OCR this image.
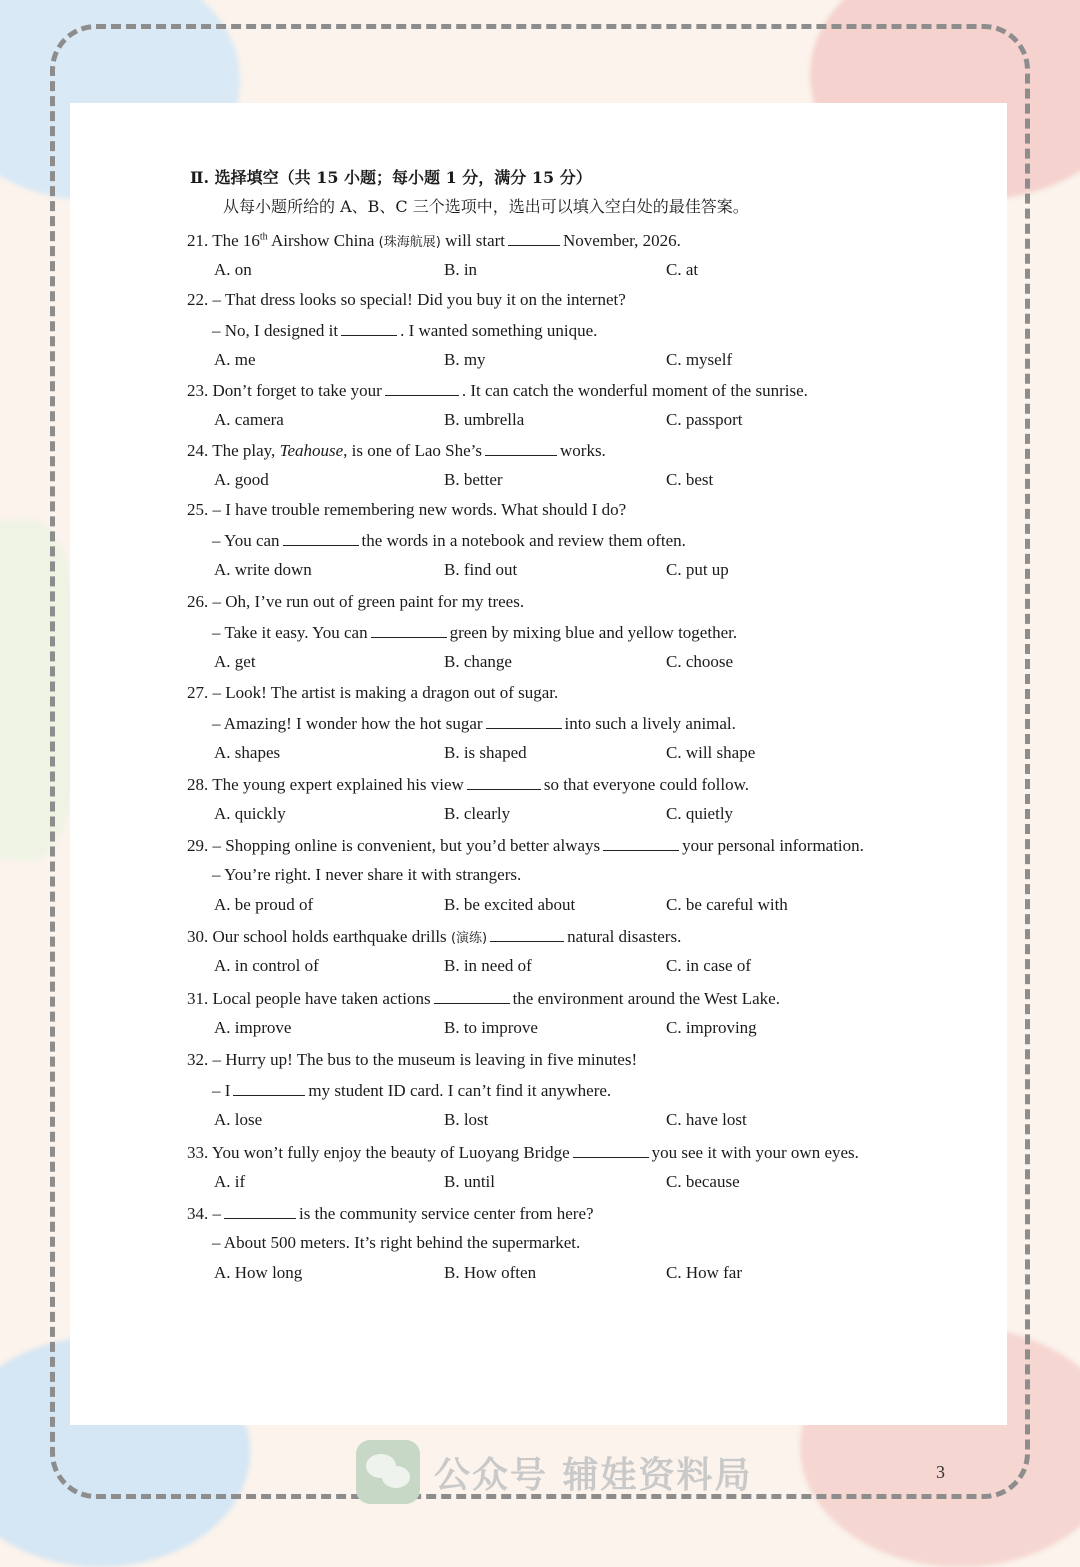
Ⅱ. 选择填空（共 15 小题；每小题 1 分，满分 15 分）
从每小题所给的 A、B、C 三个选项中，选出可以填入空白处的最佳答案。
21. The 16th Airshow China (珠海航展) will start	November, 2026.
A. on	B. in	C. at
22. – That dress looks so special! Did you buy it on the internet?
– No, I designed it	. I wanted something unique.
A. me	B. my	C. myself
23. Don’t forget to take your	. It can catch the wonderful moment of the sunrise.
A. camera	B. umbrella	C. passport
24. The play, Teahouse, is one of Lao She’s	works.
A. good	B. better	C. best
25. – I have trouble remembering new words. What should I do?
– You can	the words in a notebook and review them often.
A. write down	B. find out	C. put up
26. – Oh, I’ve run out of green paint for my trees.
– Take it easy. You can	green by mixing blue and yellow together.
A. get	B. change	C. choose
27. – Look! The artist is making a dragon out of sugar.
– Amazing! I wonder how the hot sugar	into such a lively animal.
A. shapes	B. is shaped	C. will shape
28. The young expert explained his view	so that everyone could follow.
A. quickly	B. clearly	C. quietly
29. – Shopping online is convenient, but you’d better always	your personal information.
– You’re right. I never share it with strangers.
A. be proud of	B. be excited about	C. be careful with
30. Our school holds earthquake drills (演练)	natural disasters.
A. in control of	B. in need of	C. in case of
31. Local people have taken actions	the environment around the West Lake.
A. improve	B. to improve	C. improving
32. – Hurry up! The bus to the museum is leaving in five minutes!
– I	my student ID card. I can’t find it anywhere.
A. lose	B. lost	C. have lost
33. You won’t fully enjoy the beauty of Luoyang Bridge	you see it with your own eyes.
A. if	B. until	C. because
34. –	is the community service center from here?
– About 500 meters. It’s right behind the supermarket.
A. How long	B. How often	C. How far
公众号 辅娃资料局	3
